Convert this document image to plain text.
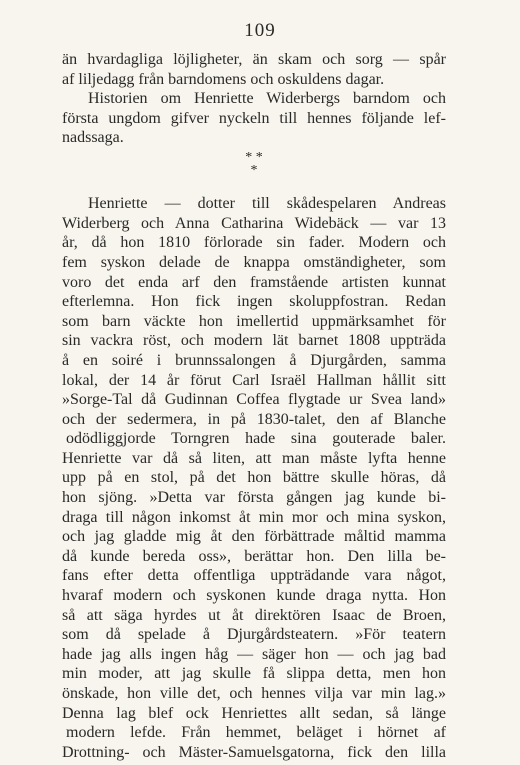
109
än hvardagliga löjligheter, än skam och sorg — spår
af liljedagg från barndomens och oskuldens dagar.
Historien om Henriette Widerbergs barndom och
första ungdom gifver nyckeln till hennes följande lef-
nadssaga.
* *
*
Henriette — dotter till skådespelaren Andreas
Widerberg och Anna Catharina Widebäck — var 13
år, då hon 1810 förlorade sin fader. Modern och
fem syskon delade de knappa omständigheter, som
voro det enda arf den framstående artisten kunnat
efterlemna. Hon fick ingen skoluppfostran. Redan
som barn väckte hon imellertid uppmärksamhet för
sin vackra röst, och modern lät barnet 1808 uppträda
å en soiré i brunnssalongen å Djurgården, samma
lokal, der 14 år förut Carl Israël Hallman hållit sitt
»Sorge-Tal då Gudinnan Coffea flygtade ur Svea land»
och der sedermera, in på 1830-talet, den af Blanche
odödliggjorde Torngren hade sina gouterade baler.
Henriette var då så liten, att man måste lyfta henne
upp på en stol, på det hon bättre skulle höras, då
hon sjöng. »Detta var första gången jag kunde bi-
draga till någon inkomst åt min mor och mina syskon,
och jag gladde mig åt den förbättrade måltid mamma
då kunde bereda oss», berättar hon. Den lilla be-
fans efter detta offentliga uppträdande vara något,
hvaraf modern och syskonen kunde draga nytta. Hon
så att säga hyrdes ut åt direktören Isaac de Broen,
som då spelade å Djurgårdsteatern. »För teatern
hade jag alls ingen håg — säger hon — och jag bad
min moder, att jag skulle få slippa detta, men hon
önskade, hon ville det, och hennes vilja var min lag.»
Denna lag blef ock Henriettes allt sedan, så länge
modern lefde. Från hemmet, beläget i hörnet af
Drottning- och Mäster-Samuelsgatorna, fick den lilla
